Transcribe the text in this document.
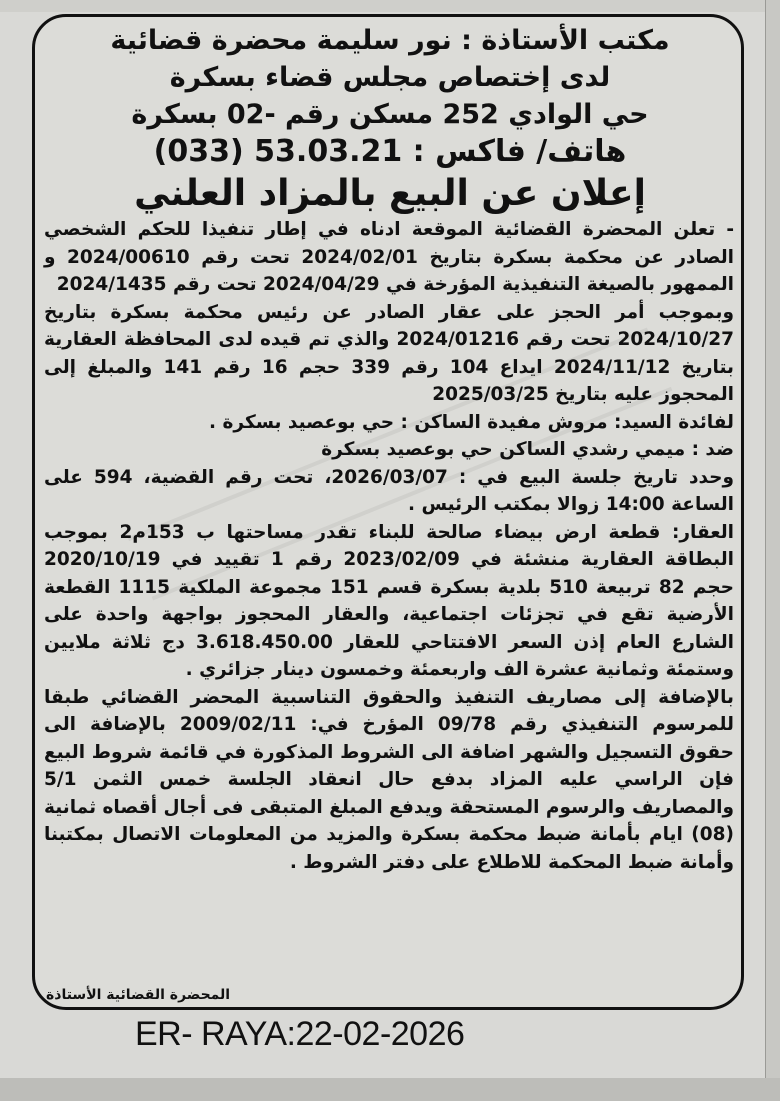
مكتب الأستاذة : نور سليمة محضرة قضائية

لدى إختصاص مجلس قضاء بسكرة

حي الوادي 252 مسكن رقم -02 بسكرة

هاتف/ فاكس : 53.03.21 (033)

إعلان عن البيع بالمزاد العلني

- تعلن المحضرة القضائية الموقعة ادناه في إطار تنفيذا للحكم الشخصي الصادر عن محكمة بسكرة بتاريخ 2024/02/01 تحت رقم 2024/00610 و الممهور بالصيغة التنفيذية المؤرخة في 2024/04/29 تحت رقم 2024/1435

وبموجب أمر الحجز على عقار الصادر عن رئيس محكمة بسكرة بتاريخ 2024/10/27 تحت رقم 2024/01216 والذي تم قيده لدى المحافظة العقارية بتاريخ 2024/11/12 ايداع 104 رقم 339 حجم 16 رقم 141 والمبلغ إلى المحجوز عليه بتاريخ 2025/03/25

لفائدة السيد: مروش مفيدة الساكن : حي بوعصيد بسكرة .

ضد : ميمي رشدي الساكن حي بوعصيد بسكرة

وحدد تاريخ جلسة البيع في : 2026/03/07، تحت رقم القضية، 594 على الساعة 14:00 زوالا بمكتب الرئيس .

العقار: قطعة ارض بيضاء صالحة للبناء تقدر مساحتها ب 153م2 بموجب البطاقة العقارية منشئة في 2023/02/09 رقم 1 تقييد في 2020/10/19 حجم 82 تربيعة 510 بلدية بسكرة قسم 151 مجموعة الملكية 1115 القطعة الأرضية تقع في تجزئات اجتماعية، والعقار المحجوز بواجهة واحدة على الشارع العام إذن السعر الافتتاحي للعقار 3.618.450.00 دج ثلاثة ملايين وستمئة وثمانية عشرة الف واربعمئة وخمسون دينار جزائري .

بالإضافة إلى مصاريف التنفيذ والحقوق التناسبية المحضر القضائي طبقا للمرسوم التنفيذي رقم 09/78 المؤرخ في: 2009/02/11 بالإضافة الى حقوق التسجيل والشهر اضافة الى الشروط المذكورة في قائمة شروط البيع فإن الراسي عليه المزاد بدفع حال انعقاد الجلسة خمس الثمن 5/1 والمصاريف والرسوم المستحقة ويدفع المبلغ المتبقى فى أجال أقصاه ثمانية (08) ايام بأمانة ضبط محكمة بسكرة والمزيد من المعلومات الاتصال بمكتبنا وأمانة ضبط المحكمة للاطلاع على دفتر الشروط .

المحضرة القضائية الأستاذة
ER- RAYA:22-02-2026
